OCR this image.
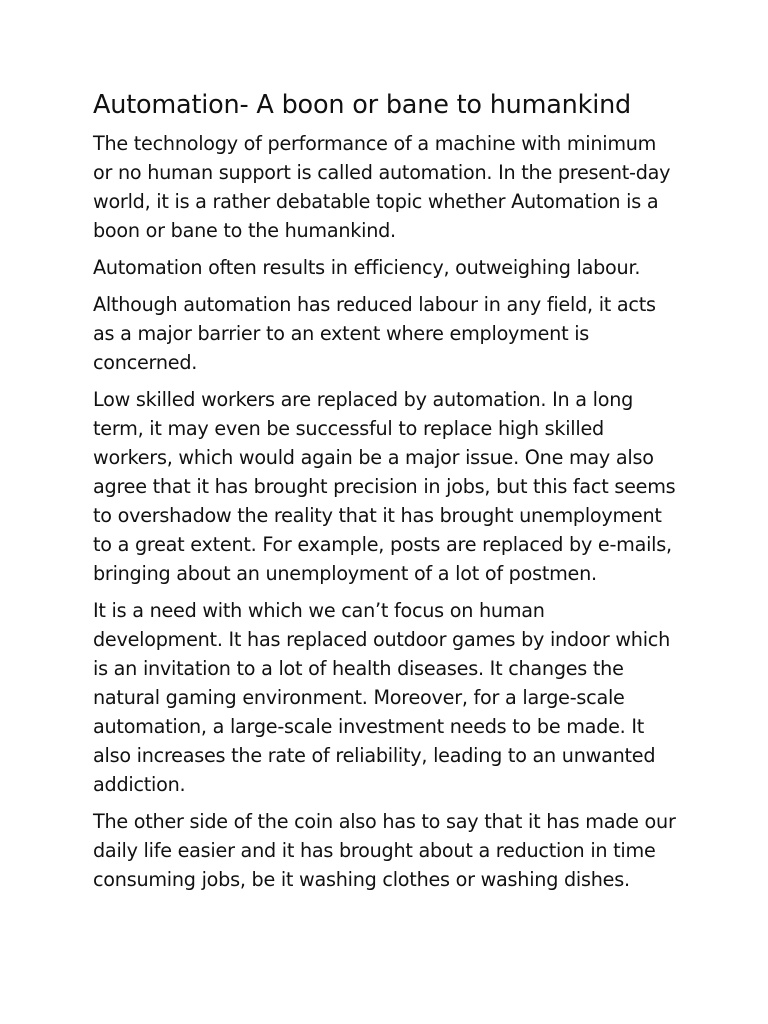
Automation- A boon or bane to humankind

The technology of performance of a machine with minimum
or no human support is called automation. In the present-day
world, it is a rather debatable topic whether Automation is a
boon or bane to the humankind.

Automation often results in efficiency, outweighing labour.

Although automation has reduced labour in any field, it acts
as a major barrier to an extent where employment is
concerned.

Low skilled workers are replaced by automation. In a long
term, it may even be successful to replace high skilled
workers, which would again be a major issue. One may also
agree that it has brought precision in jobs, but this fact seems
to overshadow the reality that it has brought unemployment
to a great extent. For example, posts are replaced by e-mails,
bringing about an unemployment of a lot of postmen.

It is a need with which we can’t focus on human
development. It has replaced outdoor games by indoor which
is an invitation to a lot of health diseases. It changes the
natural gaming environment. Moreover, for a large-scale
automation, a large-scale investment needs to be made. It
also increases the rate of reliability, leading to an unwanted
addiction.

The other side of the coin also has to say that it has made our
daily life easier and it has brought about a reduction in time
consuming jobs, be it washing clothes or washing dishes.
